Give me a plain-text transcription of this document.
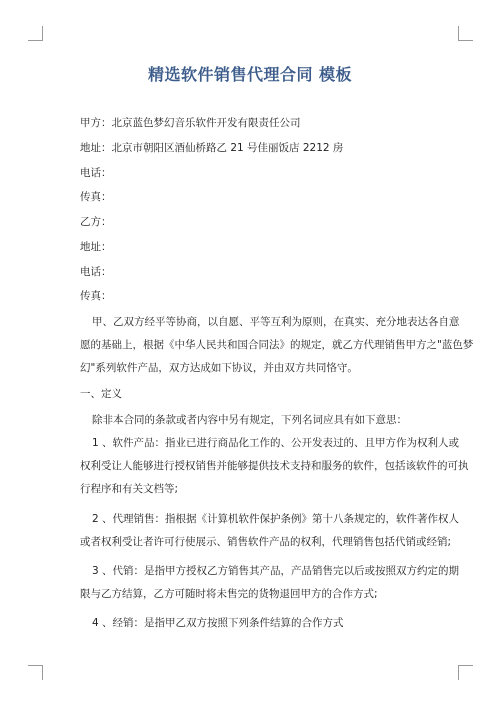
精选软件销售代理合同 模板
甲方：北京蓝色梦幻音乐软件开发有限责任公司
地址：北京市朝阳区酒仙桥路乙 21 号佳丽饭店 2212 房
电话：
传真：
乙方：
地址：
电话：
传真：
甲、乙双方经平等协商，以自愿、平等互利为原则，在真实、充分地表达各自意
愿的基础上，根据《中华人民共和国合同法》的规定，就乙方代理销售甲方之"蓝色梦
幻"系列软件产品，双方达成如下协议，并由双方共同恪守。
一、定义
除非本合同的条款或者内容中另有规定，下列名词应具有如下意思：
1 、软件产品：指业已进行商品化工作的、公开发表过的、且甲方作为权利人或
权利受让人能够进行授权销售并能够提供技术支持和服务的软件，包括该软件的可执
行程序和有关文档等;
2 、代理销售：指根据《计算机软件保护条例》第十八条规定的，软件著作权人
或者权利受让者许可行使展示、销售软件产品的权利，代理销售包括代销或经销;
3 、代销：是指甲方授权乙方销售其产品，产品销售完以后或按照双方约定的期
限与乙方结算，乙方可随时将未售完的货物退回甲方的合作方式;
4 、经销：是指甲乙双方按照下列条件结算的合作方式
